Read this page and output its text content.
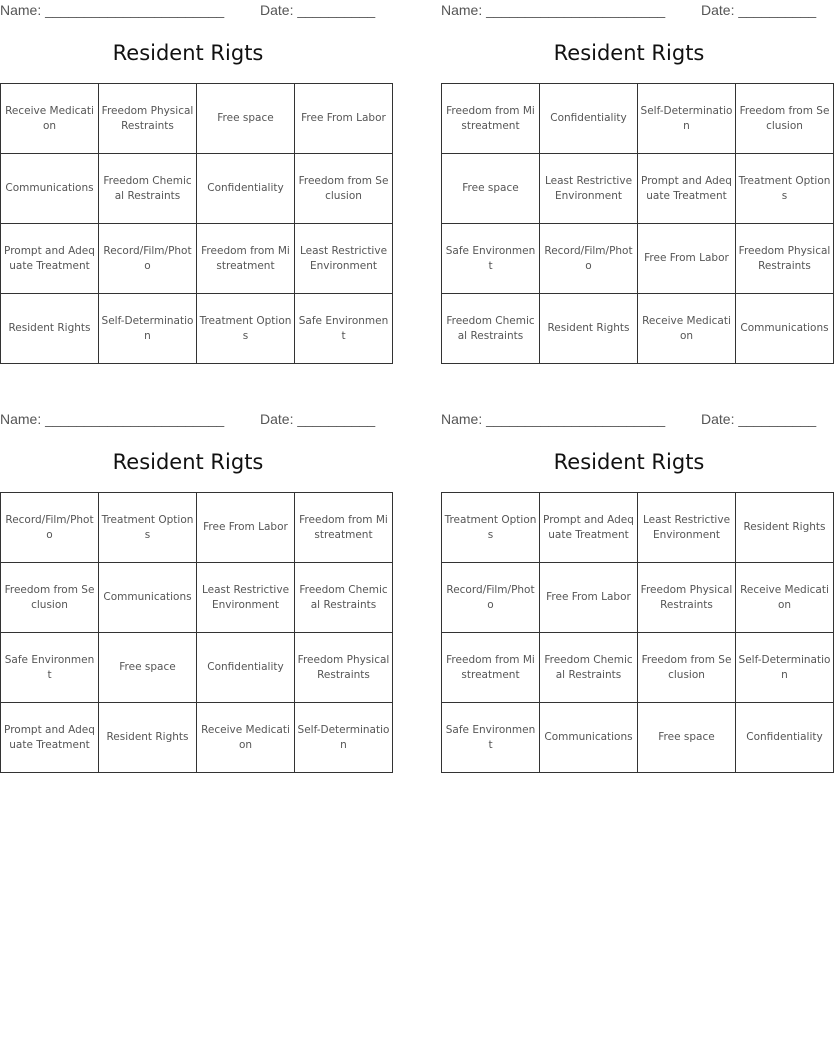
Name: _______________________	Date: __________
Resident Rigts
Receive Medication	Freedom Physical Restraints	Free space	Free From Labor
Communications	Freedom Chemical Restraints	Confidentiality	Freedom from Seclusion
Prompt and Adequate Treatment	Record/Film/Photo	Freedom from Mistreatment	Least Restrictive Environment
Resident Rights	Self-Determination	Treatment Options	Safe Environment
Name: _______________________	Date: __________
Resident Rigts
Freedom from Mistreatment	Confidentiality	Self-Determination	Freedom from Seclusion
Free space	Least Restrictive Environment	Prompt and Adequate Treatment	Treatment Options
Safe Environment	Record/Film/Photo	Free From Labor	Freedom Physical Restraints
Freedom Chemical Restraints	Resident Rights	Receive Medication	Communications
Name: _______________________	Date: __________
Resident Rigts
Record/Film/Photo	Treatment Options	Free From Labor	Freedom from Mistreatment
Freedom from Seclusion	Communications	Least Restrictive Environment	Freedom Chemical Restraints
Safe Environment	Free space	Confidentiality	Freedom Physical Restraints
Prompt and Adequate Treatment	Resident Rights	Receive Medication	Self-Determination
Name: _______________________	Date: __________
Resident Rigts
Treatment Options	Prompt and Adequate Treatment	Least Restrictive Environment	Resident Rights
Record/Film/Photo	Free From Labor	Freedom Physical Restraints	Receive Medication
Freedom from Mistreatment	Freedom Chemical Restraints	Freedom from Seclusion	Self-Determination
Safe Environment	Communications	Free space	Confidentiality
